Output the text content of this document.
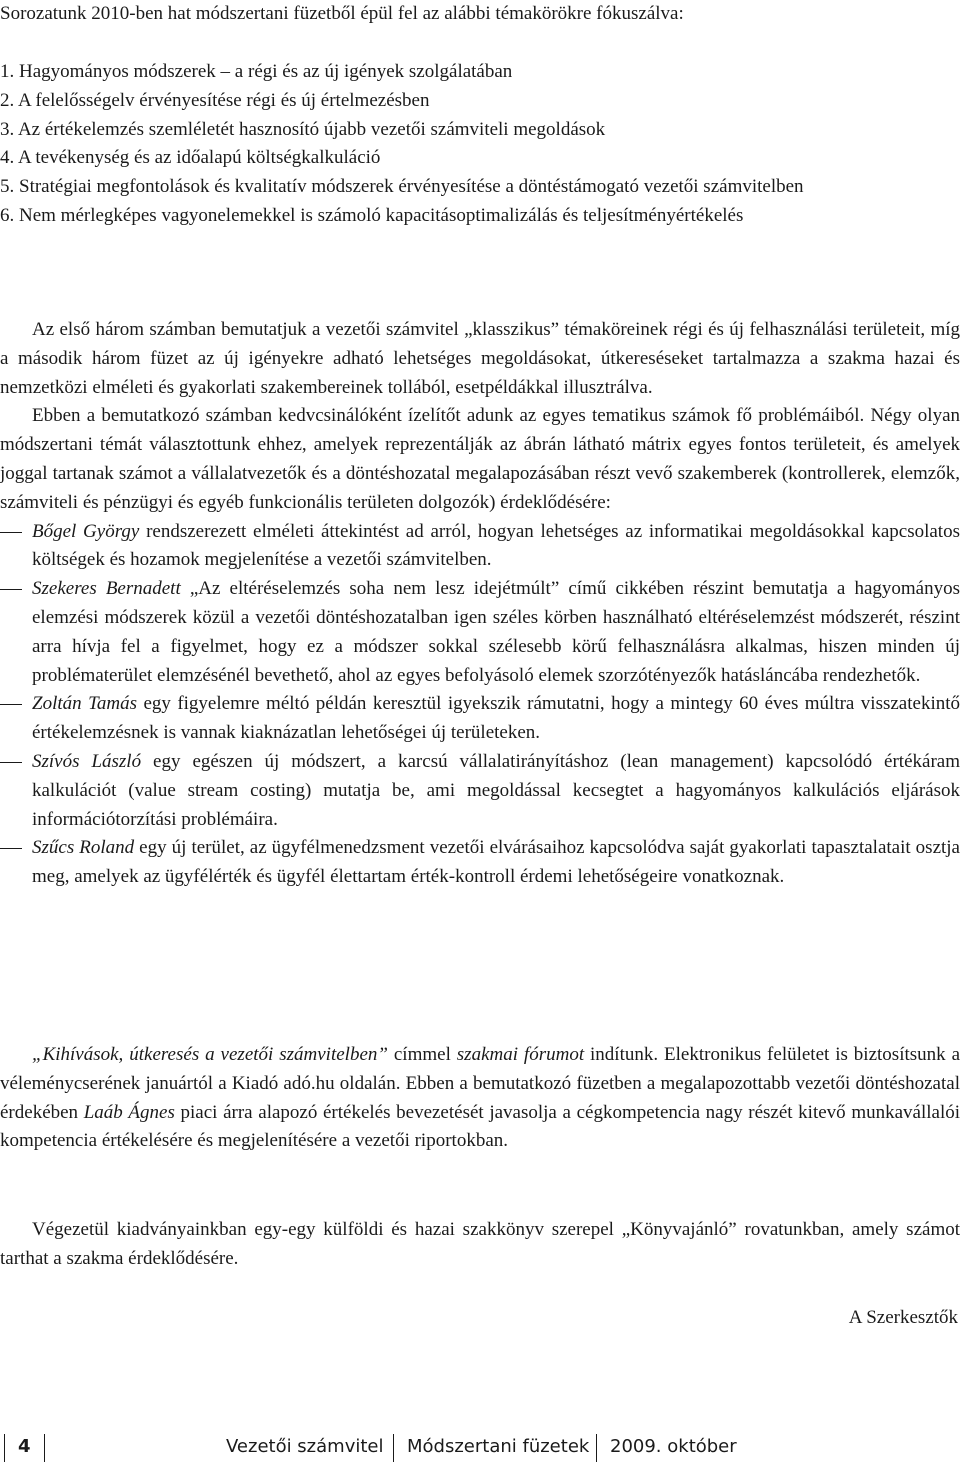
Sorozatunk 2010-ben hat módszertani füzetből épül fel az alábbi témakörökre fókuszálva:

1. Hagyományos módszerek – a régi és az új igények szolgálatában
2. A felelősségelv érvényesítése régi és új értelmezésben
3. Az értékelemzés szemléletét hasznosító újabb vezetői számviteli megoldások
4. A tevékenység és az időalapú költségkalkuláció
5. Stratégiai megfontolások és kvalitatív módszerek érvényesítése a döntéstámogató vezetői számvitelben
6. Nem mérlegképes vagyonelemekkel is számoló kapacitásoptimalizálás és teljesítményértékelés

Az első három számban bemutatjuk a vezetői számvitel „klasszikus” témaköreinek régi és új felhasználási területeit, míg a második három füzet az új igényekre adható lehetséges megoldásokat, útkereséseket tartalmazza a szakma hazai és nemzetközi elméleti és gyakorlati szakembereinek tollából, esetpéldákkal illusztrálva.

Ebben a bemutatkozó számban kedvcsinálóként ízelítőt adunk az egyes tematikus számok fő problémáiból. Négy olyan módszertani témát választottunk ehhez, amelyek reprezentálják az ábrán látható mátrix egyes fontos területeit, és amelyek joggal tartanak számot a vállalatvezetők és a döntéshozatal megalapozásában részt vevő szakemberek (kontrollerek, elemzők, számviteli és pénzügyi és egyéb funkcionális területen dolgozók) érdeklődésére:

Bőgel György rendszerezett elméleti áttekintést ad arról, hogyan lehetséges az informatikai megoldásokkal kapcsolatos költségek és hozamok megjelenítése a vezetői számvitelben.

Szekeres Bernadett „Az eltéréselemzés soha nem lesz idejétmúlt” című cikkében részint bemutatja a hagyományos elemzési módszerek közül a vezetői döntéshozatalban igen széles körben használható eltéréselemzést módszerét, részint arra hívja fel a figyelmet, hogy ez a módszer sokkal szélesebb körű felhasználásra alkalmas, hiszen minden új problématerület elemzésénél bevethető, ahol az egyes befolyásoló elemek szorzótényezők hatásláncába rendezhetők.

Zoltán Tamás egy figyelemre méltó példán keresztül igyekszik rámutatni, hogy a mintegy 60 éves múltra visszatekintő értékelemzésnek is vannak kiaknázatlan lehetőségei új területeken.

Szívós László egy egészen új módszert, a karcsú vállalatirányításhoz (lean management) kapcsolódó értékáram kalkulációt (value stream costing) mutatja be, ami megoldással kecsegtet a hagyományos kalkulációs eljárások információtorzítási problémáira.

Szűcs Roland egy új terület, az ügyfélmenedzsment vezetői elvárásaihoz kapcsolódva saját gyakorlati tapasztalatait osztja meg, amelyek az ügyfélérték és ügyfél élettartam érték-kontroll érdemi lehetőségeire vonatkoznak.

„Kihívások, útkeresés a vezetői számvitelben” címmel szakmai fórumot indítunk. Elektronikus felületet is biztosítsunk a véleménycserének januártól a Kiadó adó.hu oldalán. Ebben a bemutatkozó füzetben a megalapozottabb vezetői döntéshozatal érdekében Laáb Ágnes piaci árra alapozó értékelés bevezetését javasolja a cégkompetencia nagy részét kitevő munkavállalói kompetencia értékelésére és megjelenítésére a vezetői riportokban.

Végezetül kiadványainkban egy-egy külföldi és hazai szakkönyv szerepel „Könyvajánló” rovatunkban, amely számot tarthat a szakma érdeklődésére.

A Szerkesztők
4	Vezetői számvitel Módszertani füzetek 2009. október
